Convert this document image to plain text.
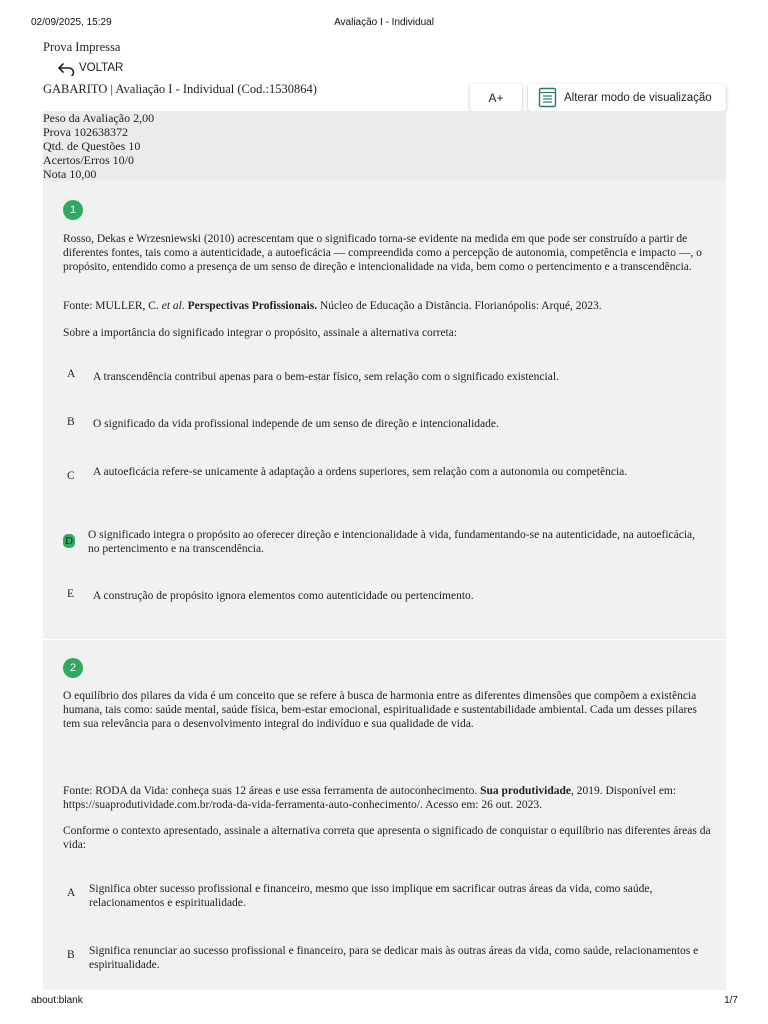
02/09/2025, 15:29	Avaliação I - Individual
Prova Impressa
VOLTAR
GABARITO | Avaliação I - Individual (Cod.:1530864)
A+	Alterar modo de visualização
Peso da Avaliação 2,00
Prova 102638372
Qtd. de Questões 10
Acertos/Erros 10/0
Nota 10,00
1
Rosso, Dekas e Wrzesniewski (2010) acrescentam que o significado torna-se evidente na medida em que pode ser construído a partir de diferentes fontes, tais como a autenticidade, a autoeficácia — compreendida como a percepção de autonomia, competência e impacto —, o propósito, entendido como a presença de um senso de direção e intencionalidade na vida, bem como o pertencimento e a transcendência.
Fonte: MULLER, C. et al. Perspectivas Profissionais. Núcleo de Educação a Distância. Florianópolis: Arqué, 2023.
Sobre a importância do significado integrar o propósito, assinale a alternativa correta:
A A transcendência contribui apenas para o bem-estar físico, sem relação com o significado existencial.
B O significado da vida profissional independe de um senso de direção e intencionalidade.
C A autoeficácia refere-se unicamente à adaptação a ordens superiores, sem relação com a autonomia ou competência.
D O significado integra o propósito ao oferecer direção e intencionalidade à vida, fundamentando-se na autenticidade, na autoeficácia, no pertencimento e na transcendência.
E A construção de propósito ignora elementos como autenticidade ou pertencimento.
2
O equilíbrio dos pilares da vida é um conceito que se refere à busca de harmonia entre as diferentes dimensões que compõem a existência humana, tais como: saúde mental, saúde física, bem-estar emocional, espiritualidade e sustentabilidade ambiental. Cada um desses pilares tem sua relevância para o desenvolvimento integral do indivíduo e sua qualidade de vida.
Fonte: RODA da Vida: conheça suas 12 áreas e use essa ferramenta de autoconhecimento. Sua produtividade, 2019. Disponível em: https://suaprodutividade.com.br/roda-da-vida-ferramenta-auto-conhecimento/. Acesso em: 26 out. 2023.
Conforme o contexto apresentado, assinale a alternativa correta que apresenta o significado de conquistar o equilíbrio nas diferentes áreas da vida:
A Significa obter sucesso profissional e financeiro, mesmo que isso implique em sacrificar outras áreas da vida, como saúde, relacionamentos e espiritualidade.
B Significa renunciar ao sucesso profissional e financeiro, para se dedicar mais às outras áreas da vida, como saúde, relacionamentos e espiritualidade.
about:blank	1/7
